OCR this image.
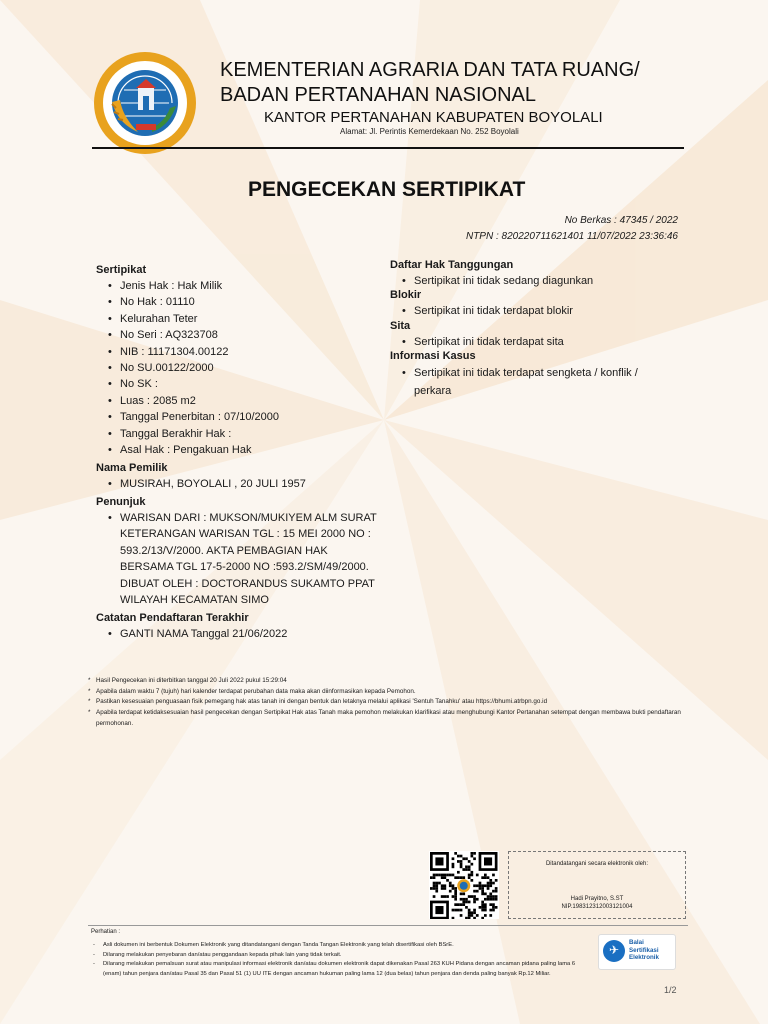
KEMENTERIAN AGRARIA DAN TATA RUANG/
BADAN PERTANAHAN NASIONAL
KANTOR PERTANAHAN KABUPATEN BOYOLALI
Alamat: Jl. Perintis Kemerdekaan No. 252 Boyolali
PENGECEKAN SERTIPIKAT
No Berkas : 47345 / 2022
NTPN : 820220711621401 11/07/2022 23:36:46
Sertipikat
• Jenis Hak : Hak Milik
• No Hak : 01110
• Kelurahan Teter
• No Seri : AQ323708
• NIB : 11171304.00122
• No SU.00122/2000
• No SK :
• Luas : 2085 m2
• Tanggal Penerbitan : 07/10/2000
• Tanggal Berakhir Hak :
• Asal Hak : Pengakuan Hak
Nama Pemilik
• MUSIRAH, BOYOLALI , 20 JULI 1957
Penunjuk
• WARISAN DARI : MUKSON/MUKIYEM ALM SURAT KETERANGAN WARISAN TGL : 15 MEI 2000 NO : 593.2/13/V/2000. AKTA PEMBAGIAN HAK BERSAMA TGL 17-5-2000 NO :593.2/SM/49/2000. DIBUAT OLEH : DOCTORANDUS SUKAMTO PPAT WILAYAH KECAMATAN SIMO
Catatan Pendaftaran Terakhir
• GANTI NAMA Tanggal 21/06/2022
Daftar Hak Tanggungan
• Sertipikat ini tidak sedang diagunkan
Blokir
• Sertipikat ini tidak terdapat blokir
Sita
• Sertipikat ini tidak terdapat sita
Informasi Kasus
• Sertipikat ini tidak terdapat sengketa / konflik / perkara

* Hasil Pengecekan ini diterbitkan tanggal 20 Juli 2022 pukul 15:29:04

* Apabila dalam waktu 7 (tujuh) hari kalender terdapat perubahan data maka akan diinformasikan kepada Pemohon.

* Pastikan kesesuaian penguasaan fisik pemegang hak atas tanah ini dengan bentuk dan letaknya melalui aplikasi 'Sentuh Tanahku' atau https://bhumi.atrbpn.go.id

* Apabila terdapat ketidaksesuaian hasil pengecekan dengan Sertipikat Hak atas Tanah maka pemohon melakukan klarifikasi atau menghubungi Kantor Pertanahan setempat dengan membawa bukti pendaftaran permohonan.

Ditandatangani secara elektronik oleh:
Hadi Prayitno, S.ST
NIP.198312312003121004
Perhatian :

- Asli dokumen ini berbentuk Dokumen Elektronik yang ditandatangani dengan Tanda Tangan Elektronik yang telah disertifikasi oleh BSrE.

- Dilarang melakukan penyebaran dan/atau penggandaan kepada pihak lain yang tidak terkait.

- Dilarang melakukan pemalsuan surat atau manipulasi informasi elektronik dan/atau dokumen elektronik dapat dikenakan Pasal 263 KUH Pidana dengan ancaman pidana paling lama 6 (enam) tahun penjara dan/atau Pasal 35 dan Pasal 51 (1) UU ITE dengan ancaman hukuman paling lama 12 (dua belas) tahun penjara dan denda paling banyak Rp.12 Miliar.

✈
Balai
Sertifikasi
Elektronik
1/2
